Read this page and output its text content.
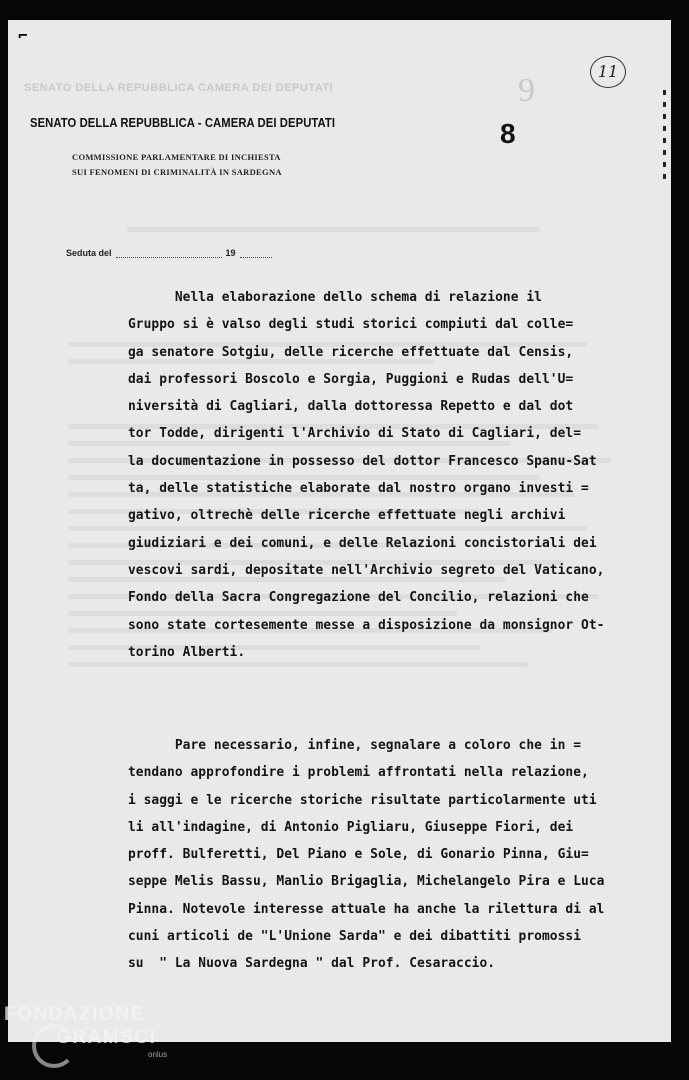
⌐
SENATO DELLA REPUBBLICA CAMERA DEI DEPUTATI	9
11
SENATO DELLA REPUBBLICA - CAMERA DEI DEPUTATI
COMMISSIONE PARLAMENTARE DI INCHIESTA
SUI FENOMENI DI CRIMINALITÀ IN SARDEGNA
8
Seduta del	19
Nella elaborazione dello schema di relazione il
Gruppo si è valso degli studi storici compiuti dal colle=
ga senatore Sotgiu, delle ricerche effettuate dal Censis,
dai professori Boscolo e Sorgia, Puggioni e Rudas dell'U=
niversità di Cagliari, dalla dottoressa Repetto e dal dot
tor Todde, dirigenti l'Archivio di Stato di Cagliari, del=
la documentazione in possesso del dottor Francesco Spanu-Sat
ta, delle statistiche elaborate dal nostro organo investi =
gativo, oltrechè delle ricerche effettuate negli archivi
giudiziari e dei comuni, e delle Relazioni concistoriali dei
vescovi sardi, depositate nell'Archivio segreto del Vaticano,
Fondo della Sacra Congregazione del Concilio, relazioni che
sono state cortesemente messe a disposizione da monsignor Ot-
torino Alberti.
Pare necessario, infine, segnalare a coloro che in =
tendano approfondire i problemi affrontati nella relazione,
i saggi e le ricerche storiche risultate particolarmente uti
li all'indagine, di Antonio Pigliaru, Giuseppe Fiori, dei
proff. Bulferetti, Del Piano e Sole, di Gonario Pinna, Giu=
seppe Melis Bassu, Manlio Brigaglia, Michelangelo Pira e Luca
Pinna. Notevole interesse attuale ha anche la rilettura di al
cuni articoli de "L'Unione Sarda" e dei dibattiti promossi
su  " La Nuova Sardegna " dal Prof. Cesaraccio.
FONDAZIONE
GRAMSCI
onlus
